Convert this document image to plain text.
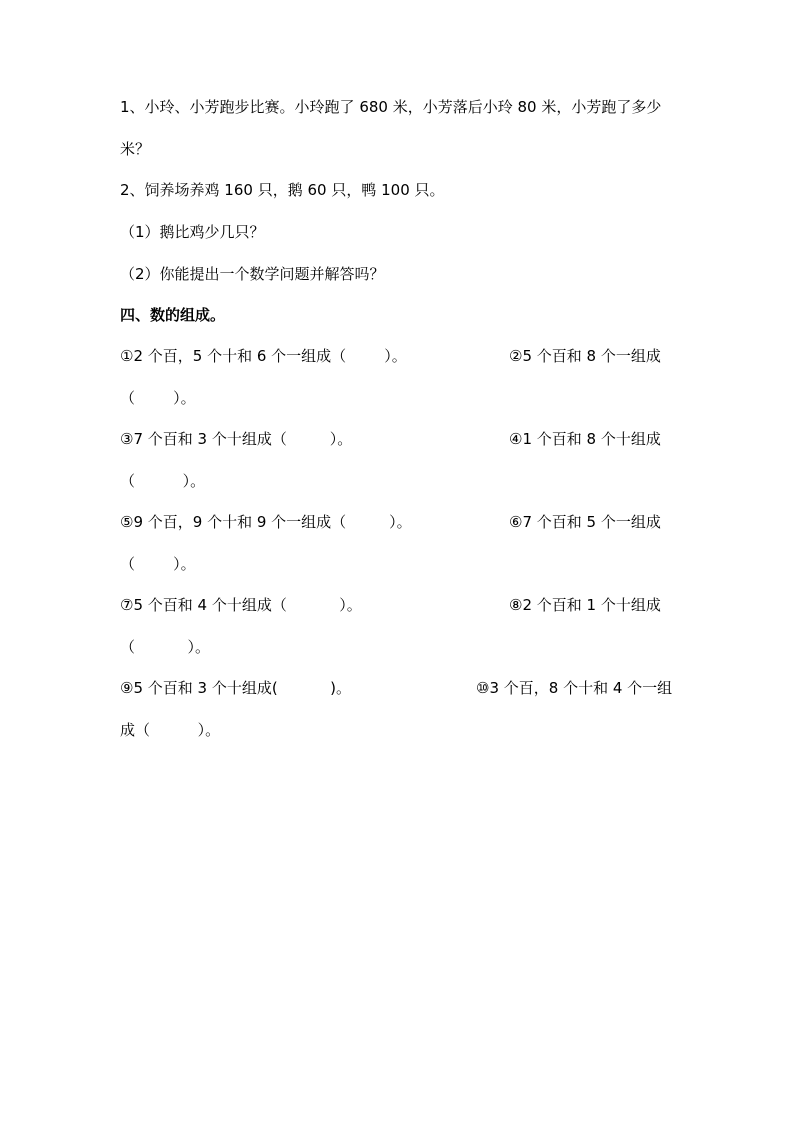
1、小玲、小芳跑步比赛。小玲跑了 680 米，小芳落后小玲 80 米，小芳跑了多少
米？
2、饲养场养鸡 160 只，鹅 60 只，鸭 100 只。
（1）鹅比鸡少几只？
（2）你能提出一个数学问题并解答吗？
四、数的组成。
①2 个百，5 个十和 6 个一组成（        ）。	②5 个百和 8 个一组成
（        ）。
③7 个百和 3 个十组成（         ）。	④1 个百和 8 个十组成
（          ）。
⑤9 个百，9 个十和 9 个一组成（         ）。	⑥7 个百和 5 个一组成
（        ）。
⑦5 个百和 4 个十组成（           ）。	⑧2 个百和 1 个十组成
（           ）。
⑨5 个百和 3 个十组成(           )。	⑩3 个百，8 个十和 4 个一组
成（          ）。
